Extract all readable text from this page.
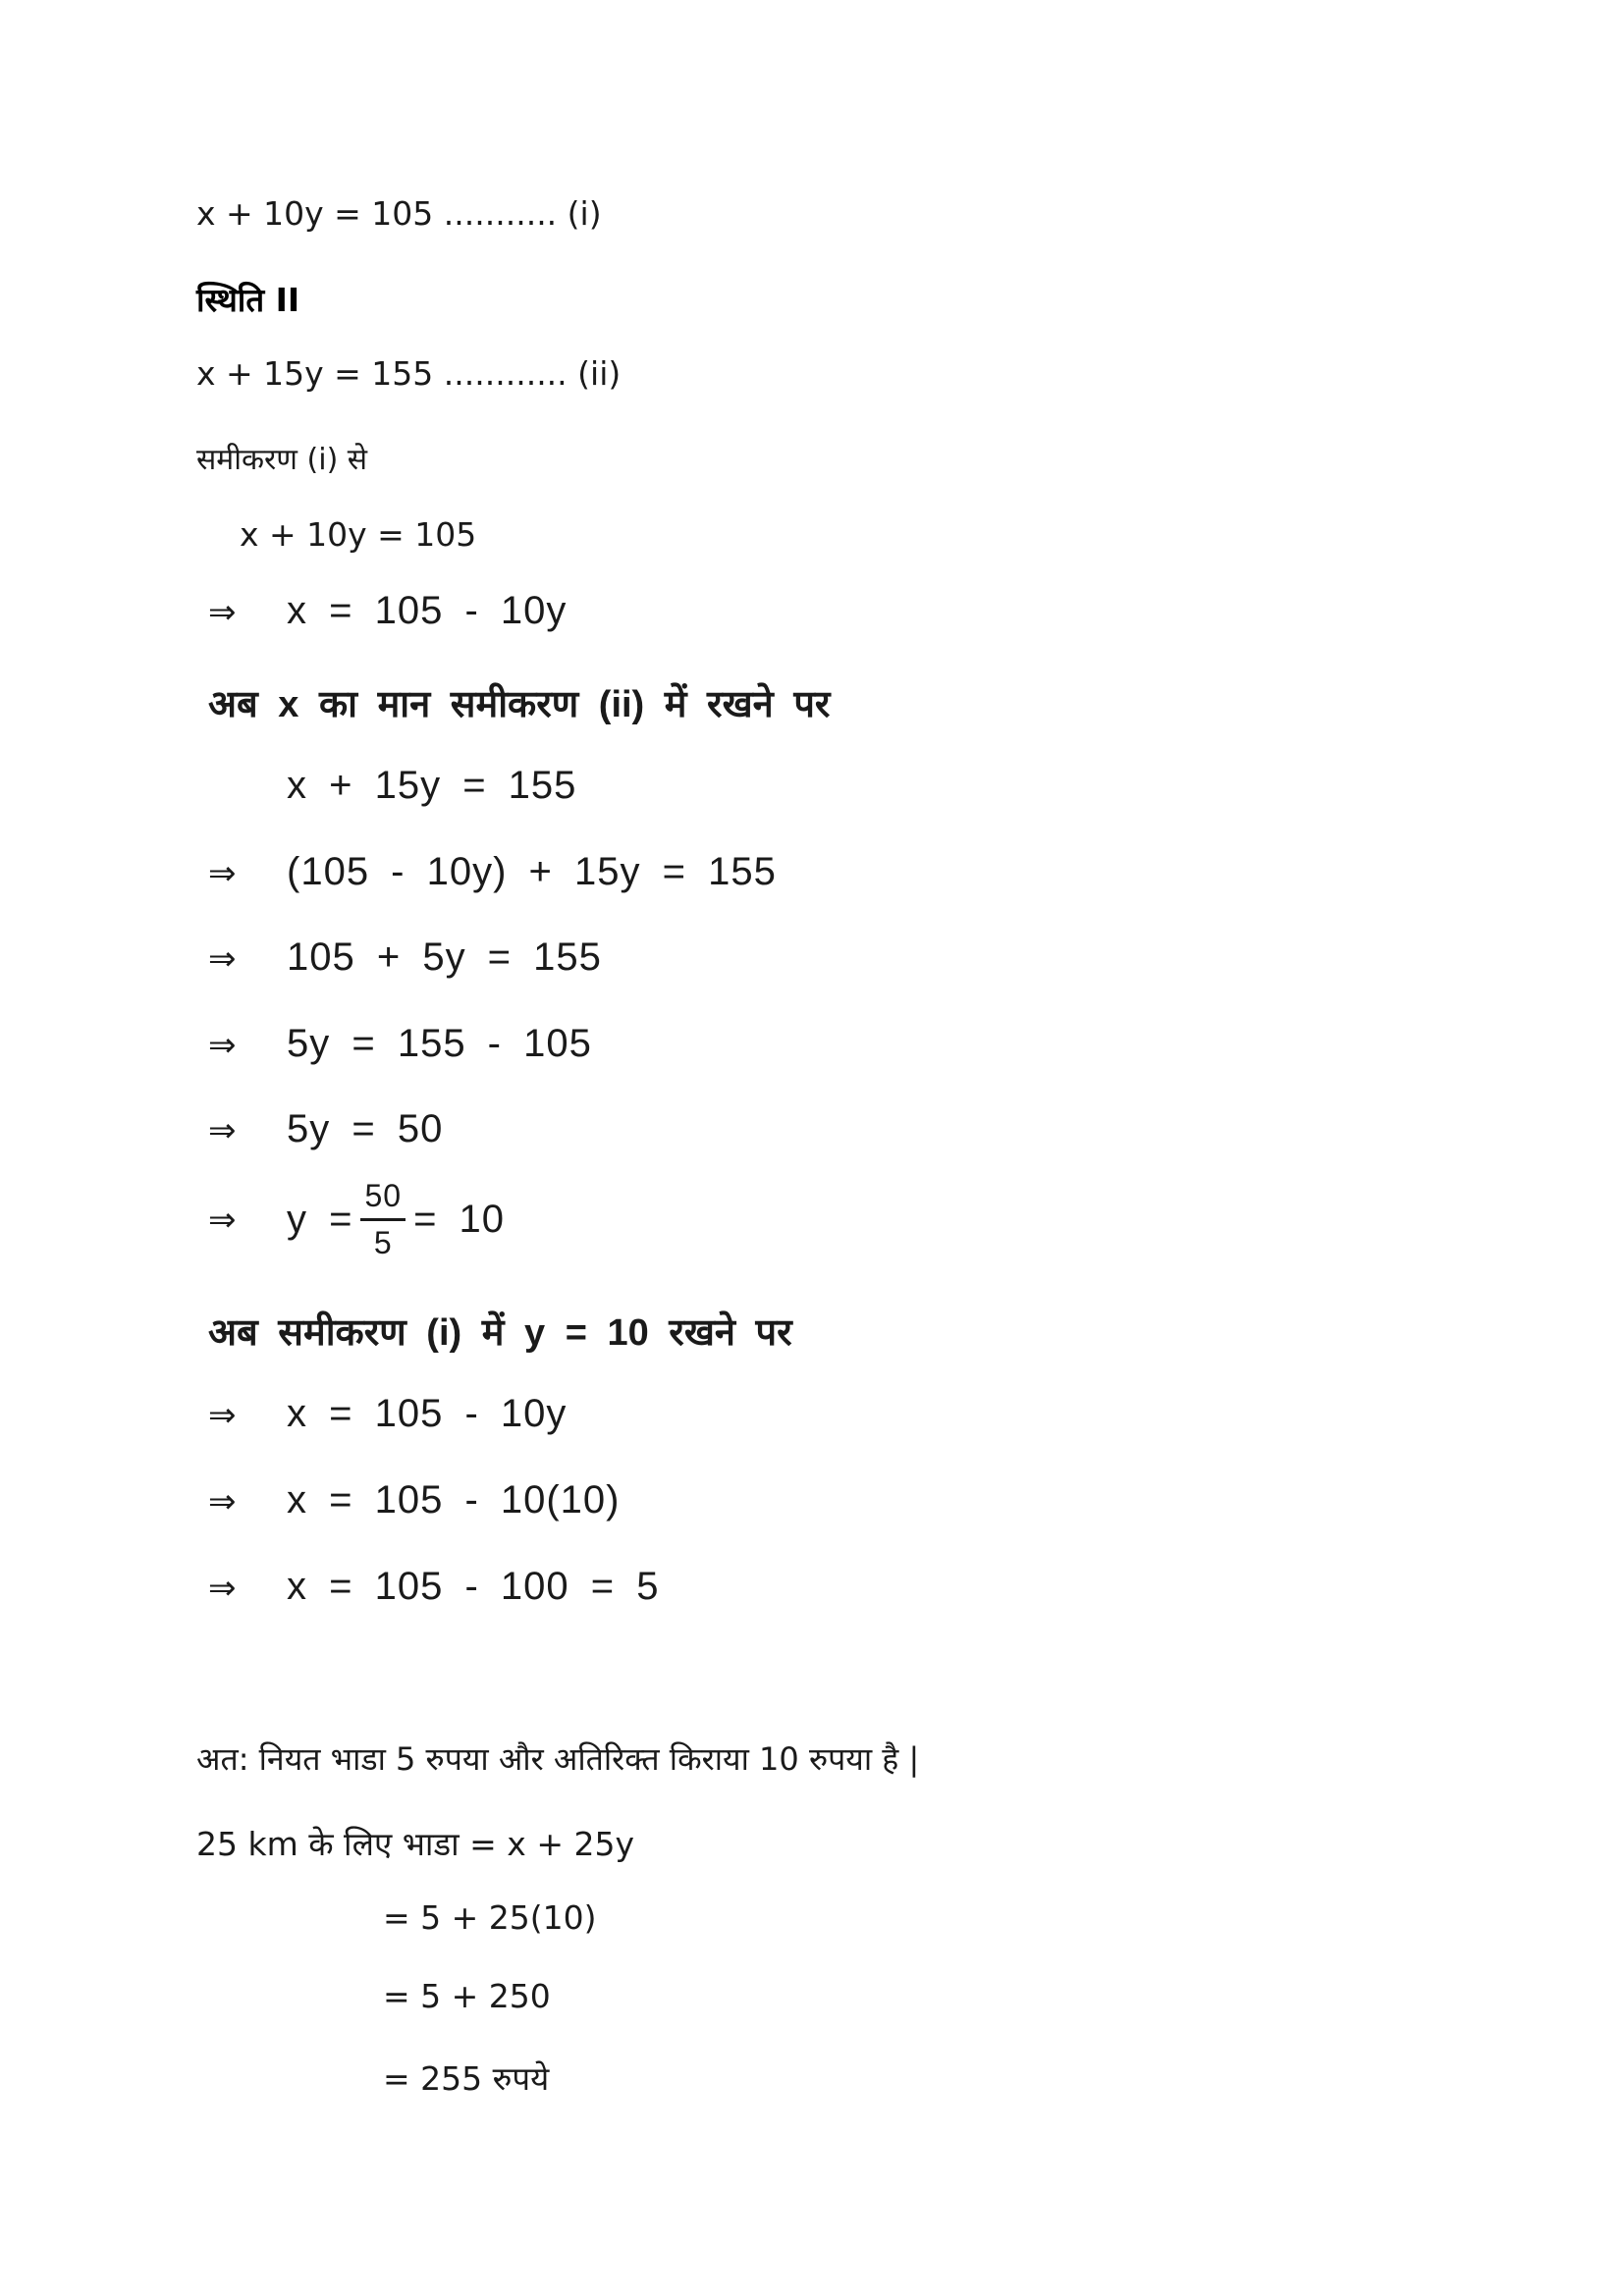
x + 10y = 105 ........... (i)
स्थिति II
x + 15y = 155 ............ (ii)
समीकरण (i) से
x + 10y = 105
⇒ x = 105 - 10y
अब x का मान समीकरण (ii) में रखने पर
x + 15y = 155
⇒ (105 - 10y) + 15y = 155
⇒ 105 + 5y = 155
⇒ 5y = 155 - 105
⇒ 5y = 50
⇒ $y = \frac{50}{5} = 10$
अब समीकरण (i) में y = 10 रखने पर
⇒ x = 105 - 10y
⇒ x = 105 - 10(10)
⇒ x = 105 - 100 = 5
अत: नियत भाडा 5 रुपया और अतिरिक्त किराया 10 रुपया है |
25 km के लिए भाडा = x + 25y
= 5 + 25(10)
= 5 + 250
= 255 रुपये
